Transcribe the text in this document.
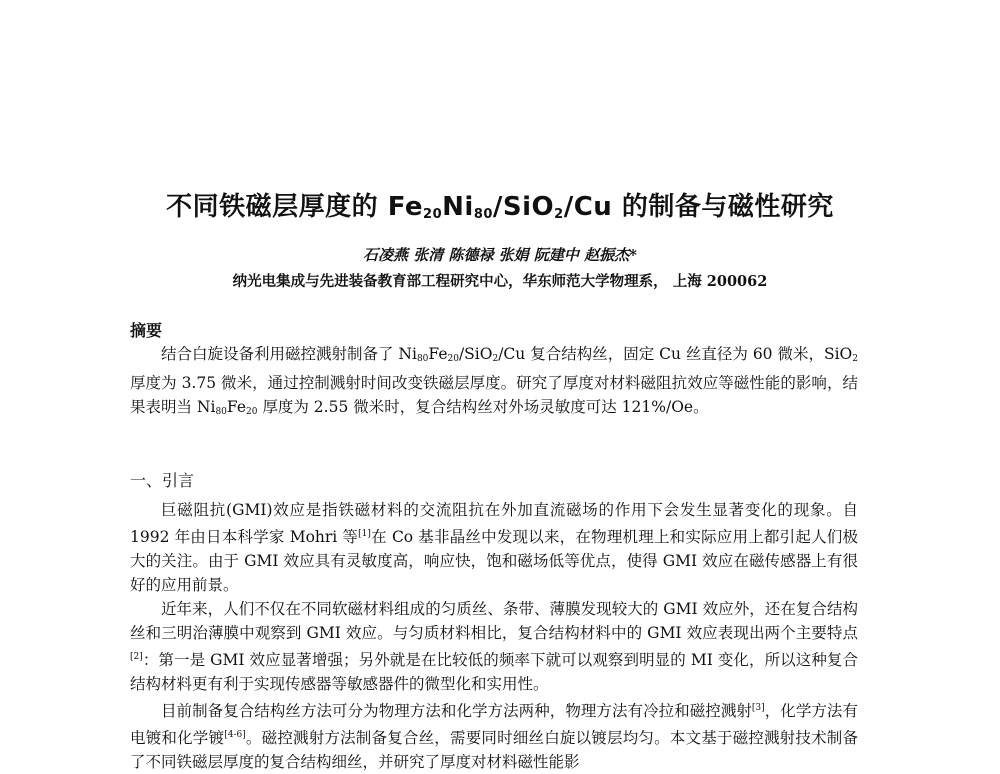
不同铁磁层厚度的 $Fe_{20}Ni_{80}/SiO_2/Cu$ 的制备与磁性研究
石凌燕 张清 陈德禄 张娟 阮建中 赵振杰*
纳光电集成与先进装备教育部工程研究中心，华东师范大学物理系， 上海 200062
摘要

结合白旋设备利用磁控溅射制备了 $Ni_{80}Fe_{20}/SiO_2/Cu$ 复合结构丝，固定 Cu 丝直径为 60 微米，SiO$_2$ 厚度为 3.75 微米，通过控制溅射时间改变铁磁层厚度。研究了厚度对材料磁阻抗效应等磁性能的影响，结果表明当 $Ni_{80}Fe_{20}$ 厚度为 2.55 微米时，复合结构丝对外场灵敏度可达 121%/Oe。

一、引言

巨磁阻抗(GMI)效应是指铁磁材料的交流阻抗在外加直流磁场的作用下会发生显著变化的现象。自 1992 年由日本科学家 Mohri 等[1]在 Co 基非晶丝中发现以来，在物理机理上和实际应用上都引起人们极大的关注。由于 GMI 效应具有灵敏度高，响应快，饱和磁场低等优点，使得 GMI 效应在磁传感器上有很好的应用前景。

近年来，人们不仅在不同软磁材料组成的匀质丝、条带、薄膜发现较大的 GMI 效应外，还在复合结构丝和三明治薄膜中观察到 GMI 效应。与匀质材料相比，复合结构材料中的 GMI 效应表现出两个主要特点[2]：第一是 GMI 效应显著增强；另外就是在比较低的频率下就可以观察到明显的 MI 变化，所以这种复合结构材料更有利于实现传感器等敏感器件的微型化和实用性。

目前制备复合结构丝方法可分为物理方法和化学方法两种，物理方法有冷拉和磁控溅射[3]，化学方法有电镀和化学镀[4-6]。磁控溅射方法制备复合丝，需要同时细丝白旋以镀层均匀。本文基于磁控溅射技术制备了不同铁磁层厚度的复合结构细丝，并研究了厚度对材料磁性能影
